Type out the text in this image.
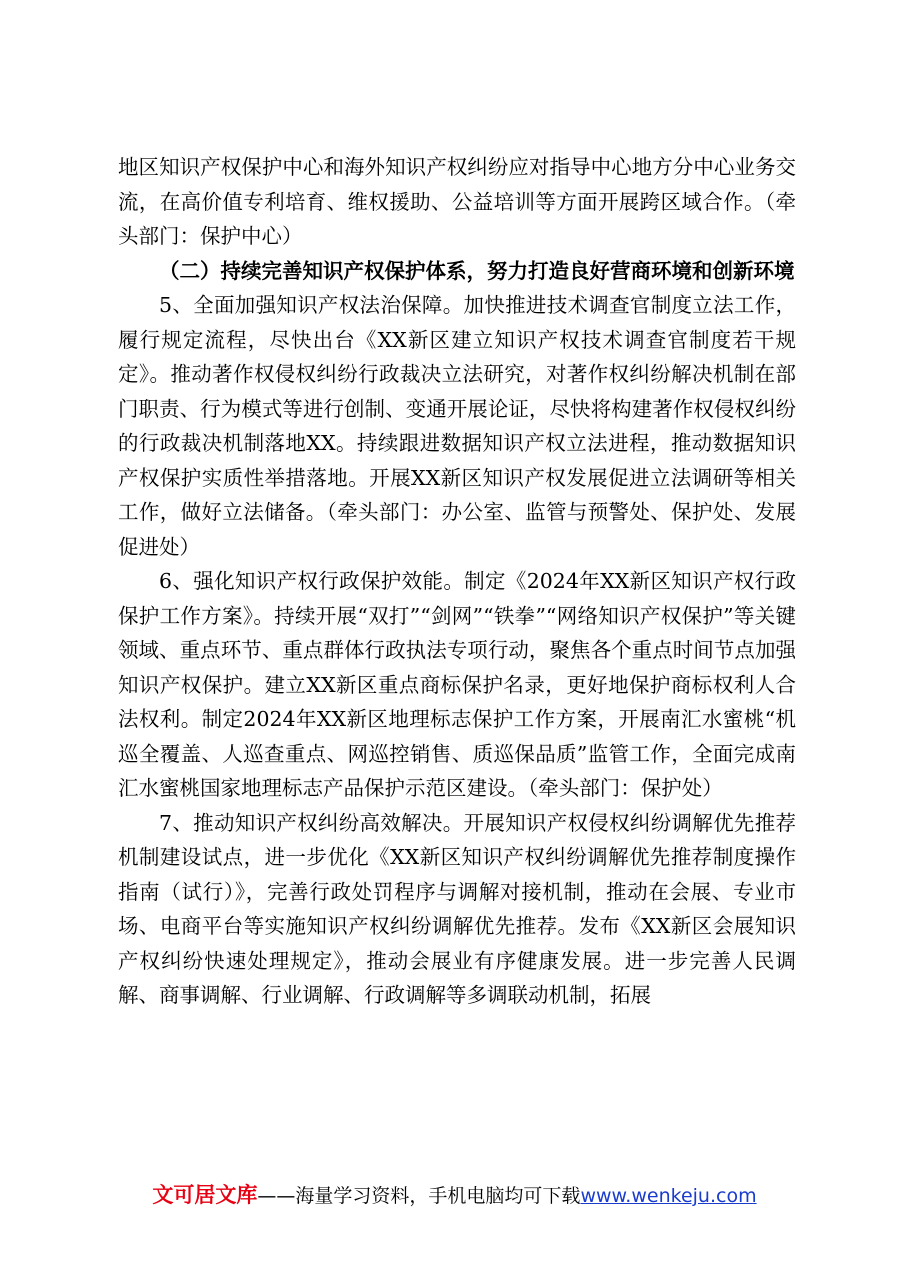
地区知识产权保护中心和海外知识产权纠纷应对指导中心地方分中心业务交流，在高价值专利培育、维权援助、公益培训等方面开展跨区域合作。（牵头部门：保护中心）

（二）持续完善知识产权保护体系，努力打造良好营商环境和创新环境

5、全面加强知识产权法治保障。加快推进技术调查官制度立法工作，履行规定流程，尽快出台《XX新区建立知识产权技术调查官制度若干规定》。推动著作权侵权纠纷行政裁决立法研究，对著作权纠纷解决机制在部门职责、行为模式等进行创制、变通开展论证，尽快将构建著作权侵权纠纷的行政裁决机制落地XX。持续跟进数据知识产权立法进程，推动数据知识产权保护实质性举措落地。开展XX新区知识产权发展促进立法调研等相关工作，做好立法储备。（牵头部门：办公室、监管与预警处、保护处、发展促进处）

6、强化知识产权行政保护效能。制定《2024年XX新区知识产权行政保护工作方案》。持续开展“双打”“剑网”“铁拳”“网络知识产权保护”等关键领域、重点环节、重点群体行政执法专项行动，聚焦各个重点时间节点加强知识产权保护。建立XX新区重点商标保护名录，更好地保护商标权利人合法权利。制定2024年XX新区地理标志保护工作方案，开展南汇水蜜桃“机巡全覆盖、人巡查重点、网巡控销售、质巡保品质”监管工作，全面完成南汇水蜜桃国家地理标志产品保护示范区建设。（牵头部门：保护处）

7、推动知识产权纠纷高效解决。开展知识产权侵权纠纷调解优先推荐机制建设试点，进一步优化《XX新区知识产权纠纷调解优先推荐制度操作指南（试行）》，完善行政处罚程序与调解对接机制，推动在会展、专业市场、电商平台等实施知识产权纠纷调解优先推荐。发布《XX新区会展知识产权纠纷快速处理规定》，推动会展业有序健康发展。进一步完善人民调解、商事调解、行业调解、行政调解等多调联动机制，拓展

文可居文库——海量学习资料，手机电脑均可下载www.wenkeju.com
